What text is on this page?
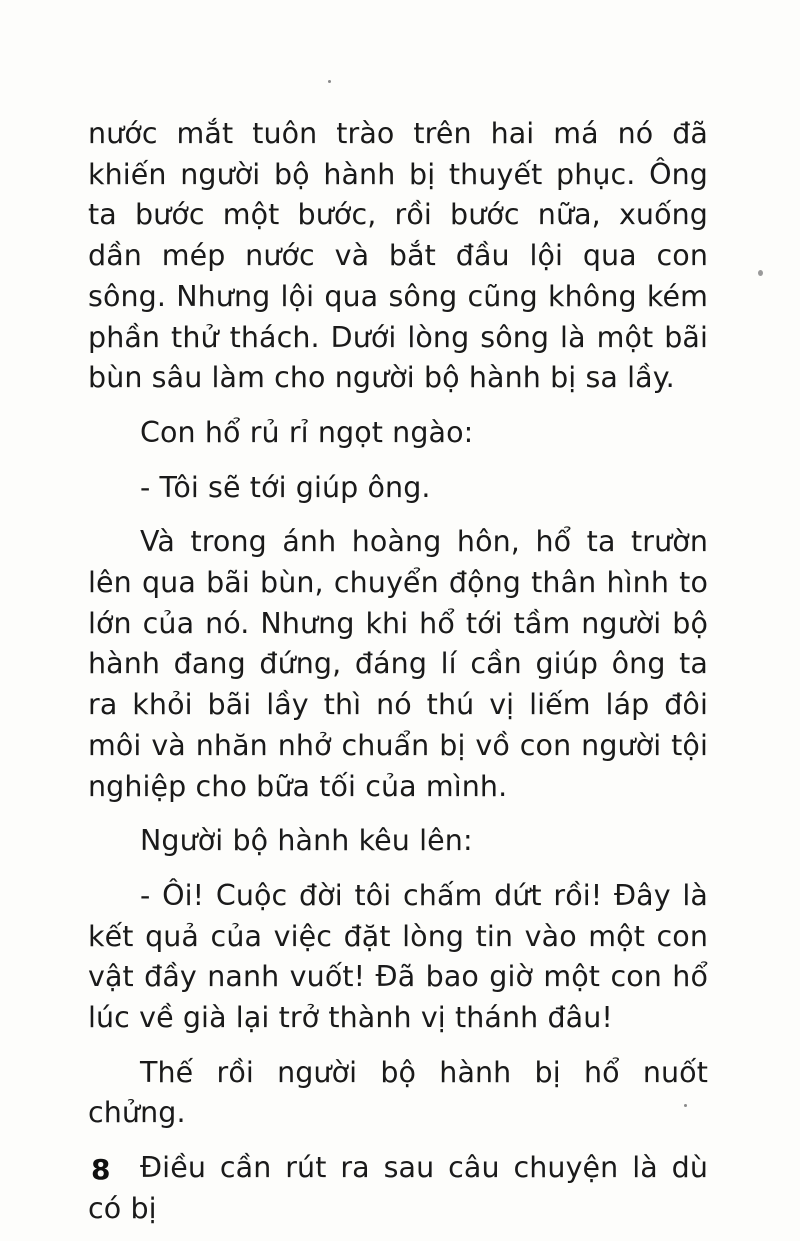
nước mắt tuôn trào trên hai má nó đã khiến người bộ hành bị thuyết phục. Ông ta bước một bước, rồi bước nữa, xuống dần mép nước và bắt đầu lội qua con sông. Nhưng lội qua sông cũng không kém phần thử thách. Dưới lòng sông là một bãi bùn sâu làm cho người bộ hành bị sa lầy.

Con hổ rủ rỉ ngọt ngào:

- Tôi sẽ tới giúp ông.

Và trong ánh hoàng hôn, hổ ta trườn lên qua bãi bùn, chuyển động thân hình to lớn của nó. Nhưng khi hổ tới tầm người bộ hành đang đứng, đáng lí cần giúp ông ta ra khỏi bãi lầy thì nó thú vị liếm láp đôi môi và nhăn nhở chuẩn bị vồ con người tội nghiệp cho bữa tối của mình.

Người bộ hành kêu lên:

- Ôi! Cuộc đời tôi chấm dứt rồi! Đây là kết quả của việc đặt lòng tin vào một con vật đầy nanh vuốt! Đã bao giờ một con hổ lúc về già lại trở thành vị thánh đâu!

Thế rồi người bộ hành bị hổ nuốt chửng.

Điều cần rút ra sau câu chuyện là dù có bị

8
